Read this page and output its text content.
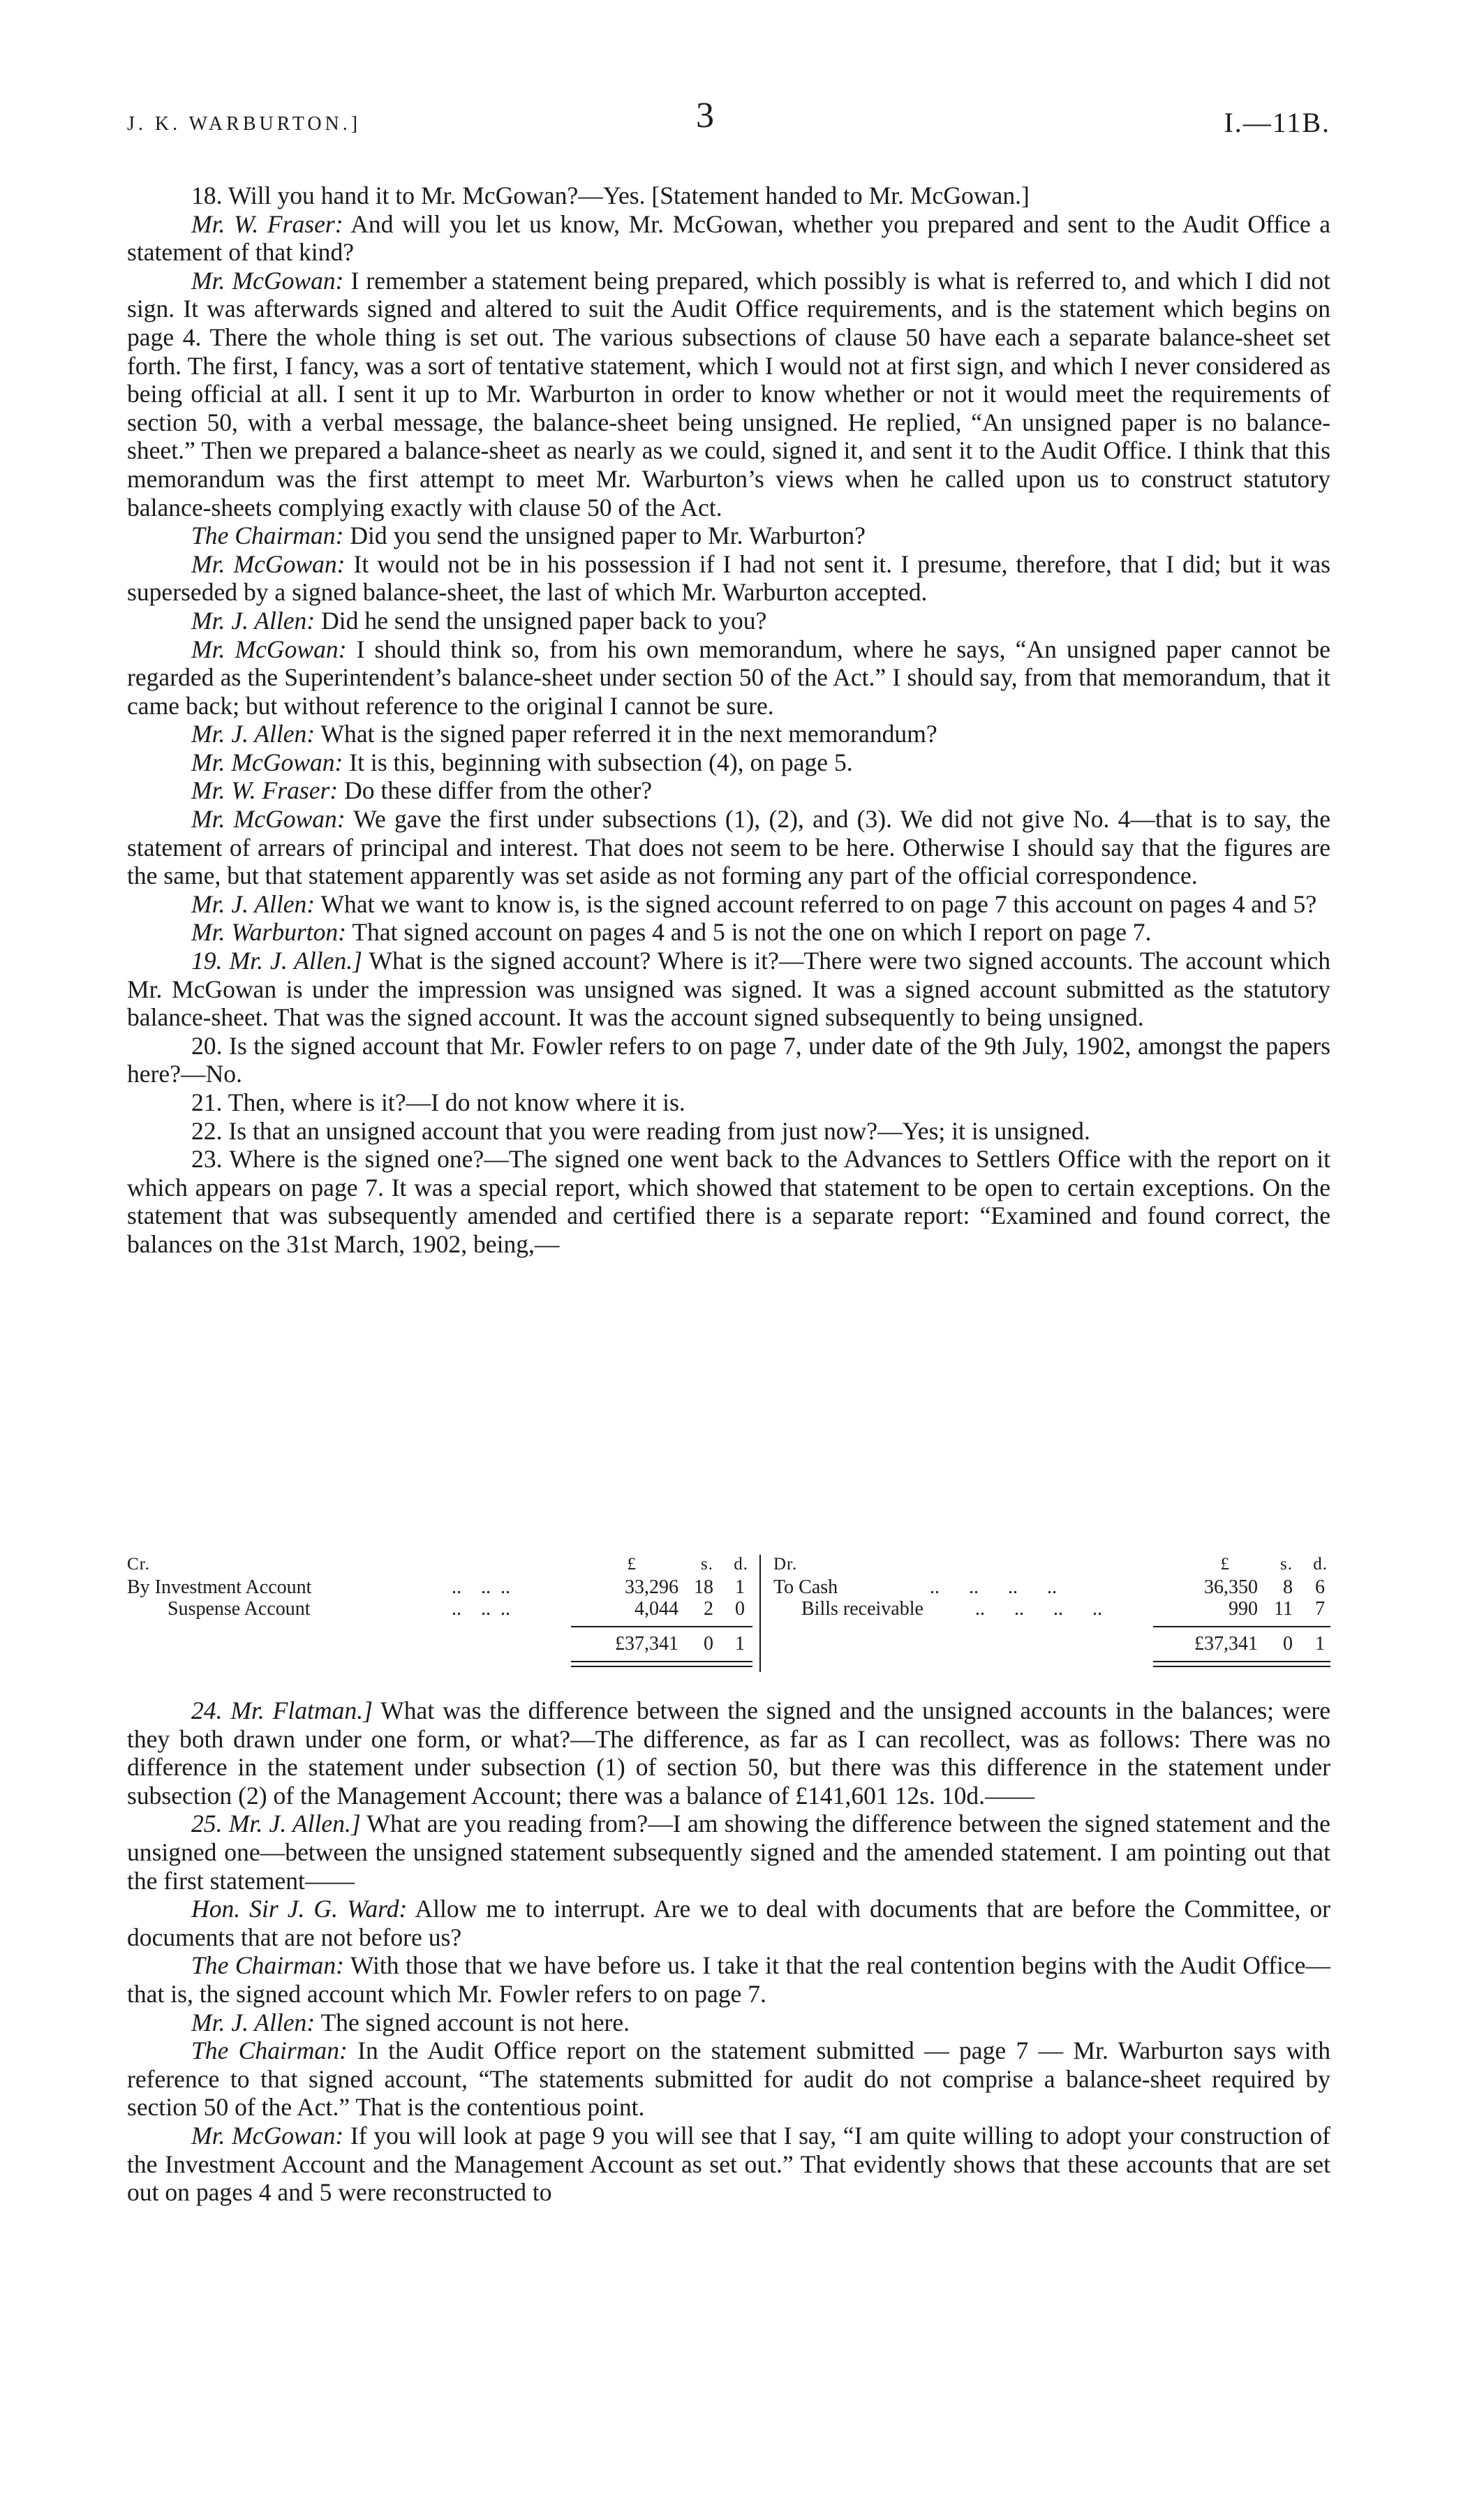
J. K. WARBURTON.]	3	I.—11B.

18. Will you hand it to Mr. McGowan?—Yes. [Statement handed to Mr. McGowan.]

Mr. W. Fraser: And will you let us know, Mr. McGowan, whether you prepared and sent to the Audit Office a statement of that kind?

Mr. McGowan: I remember a statement being prepared, which possibly is what is referred to, and which I did not sign. It was afterwards signed and altered to suit the Audit Office requirements, and is the statement which begins on page 4. There the whole thing is set out. The various subsections of clause 50 have each a separate balance-sheet set forth. The first, I fancy, was a sort of tentative statement, which I would not at first sign, and which I never considered as being official at all. I sent it up to Mr. Warburton in order to know whether or not it would meet the requirements of section 50, with a verbal message, the balance-sheet being unsigned. He replied, “An unsigned paper is no balance-sheet.” Then we prepared a balance-sheet as nearly as we could, signed it, and sent it to the Audit Office. I think that this memorandum was the first attempt to meet Mr. Warburton’s views when he called upon us to construct statutory balance-sheets complying exactly with clause 50 of the Act.

The Chairman: Did you send the unsigned paper to Mr. Warburton?

Mr. McGowan: It would not be in his possession if I had not sent it. I presume, therefore, that I did; but it was superseded by a signed balance-sheet, the last of which Mr. Warburton accepted.

Mr. J. Allen: Did he send the unsigned paper back to you?

Mr. McGowan: I should think so, from his own memorandum, where he says, “An unsigned paper cannot be regarded as the Superintendent’s balance-sheet under section 50 of the Act.” I should say, from that memorandum, that it came back; but without reference to the original I cannot be sure.

Mr. J. Allen: What is the signed paper referred it in the next memorandum?

Mr. McGowan: It is this, beginning with subsection (4), on page 5.

Mr. W. Fraser: Do these differ from the other?

Mr. McGowan: We gave the first under subsections (1), (2), and (3). We did not give No. 4—that is to say, the statement of arrears of principal and interest. That does not seem to be here. Otherwise I should say that the figures are the same, but that statement apparently was set aside as not forming any part of the official correspondence.

Mr. J. Allen: What we want to know is, is the signed account referred to on page 7 this account on pages 4 and 5?

Mr. Warburton: That signed account on pages 4 and 5 is not the one on which I report on page 7.

19. Mr. J. Allen.] What is the signed account? Where is it?—There were two signed accounts. The account which Mr. McGowan is under the impression was unsigned was signed. It was a signed account submitted as the statutory balance-sheet. That was the signed account. It was the account signed subsequently to being unsigned.

20. Is the signed account that Mr. Fowler refers to on page 7, under date of the 9th July, 1902, amongst the papers here?—No.

21. Then, where is it?—I do not know where it is.

22. Is that an unsigned account that you were reading from just now?—Yes; it is unsigned.

23. Where is the signed one?—The signed one went back to the Advances to Settlers Office with the report on it which appears on page 7. It was a special report, which showed that statement to be open to certain exceptions. On the statement that was subsequently amended and certified there is a separate report: “Examined and found correct, the balances on the 31st March, 1902, being,—

Cr.	£	s.	d.
By Investment Account	..    ..  ..	33,296 18	1
Suspense Account	..    ..  ..	4,044	2	0
£37,341	0	1
Dr.	£	s.	d.
To Cash	..      ..      ..      ..	36,350	8	6
Bills receivable	..      ..      ..      ..	990 11	7
£37,341	0	1

24. Mr. Flatman.] What was the difference between the signed and the unsigned accounts in the balances; were they both drawn under one form, or what?—The difference, as far as I can recollect, was as follows: There was no difference in the statement under subsection (1) of section 50, but there was this difference in the statement under subsection (2) of the Management Account; there was a balance of £141,601 12s. 10d.——

25. Mr. J. Allen.] What are you reading from?—I am showing the difference between the signed statement and the unsigned one—between the unsigned statement subsequently signed and the amended statement. I am pointing out that the first statement——

Hon. Sir J. G. Ward: Allow me to interrupt. Are we to deal with documents that are before the Committee, or documents that are not before us?

The Chairman: With those that we have before us. I take it that the real contention begins with the Audit Office—that is, the signed account which Mr. Fowler refers to on page 7.

Mr. J. Allen: The signed account is not here.

The Chairman: In the Audit Office report on the statement submitted — page 7 — Mr. Warburton says with reference to that signed account, “The statements submitted for audit do not comprise a balance-sheet required by section 50 of the Act.” That is the contentious point.

Mr. McGowan: If you will look at page 9 you will see that I say, “I am quite willing to adopt your construction of the Investment Account and the Management Account as set out.” That evidently shows that these accounts that are set out on pages 4 and 5 were reconstructed to
